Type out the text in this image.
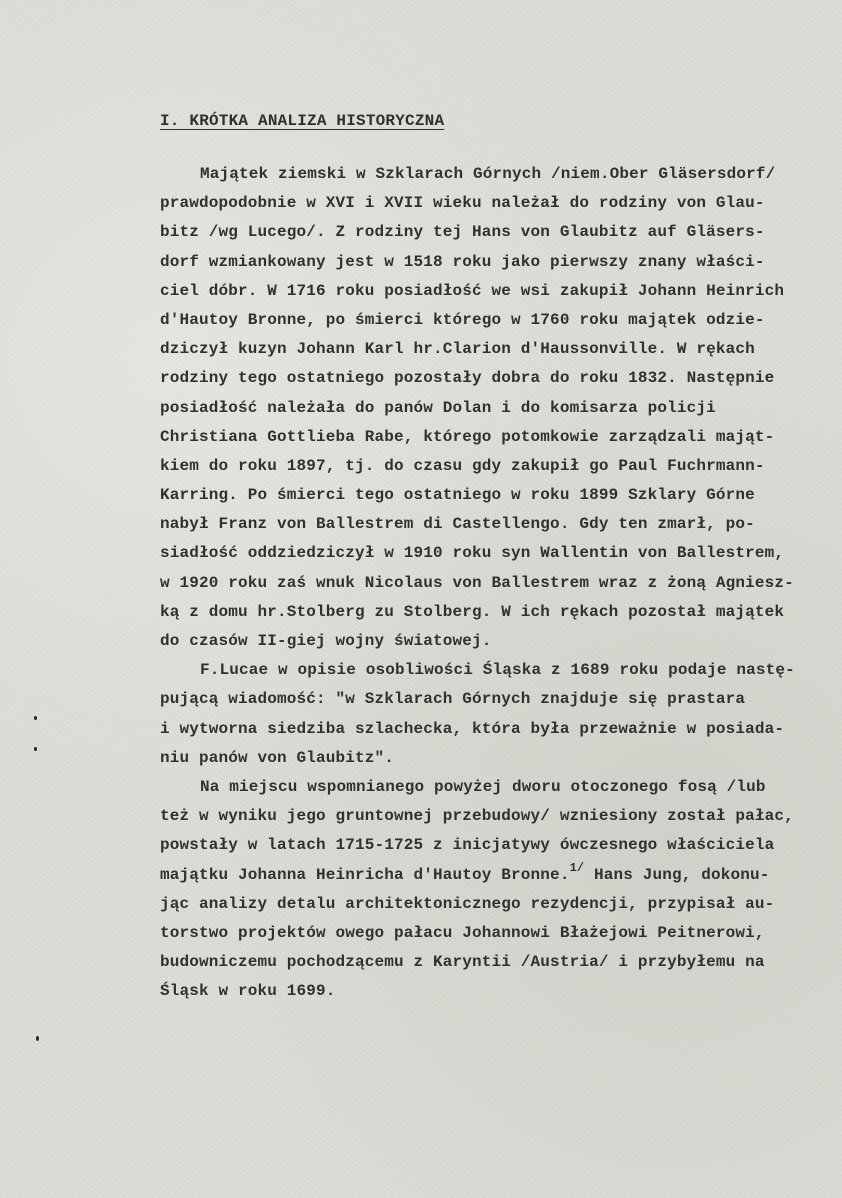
I. KRÓTKA ANALIZA HISTORYCZNA
Majątek ziemski w Szklarach Górnych /niem.Ober Gläsersdorf/
prawdopodobnie w XVI i XVII wieku należał do rodziny von Glau-
bitz /wg Lucego/. Z rodziny tej Hans von Glaubitz auf Gläsers-
dorf wzmiankowany jest w 1518 roku jako pierwszy znany właści-
ciel dóbr. W 1716 roku posiadłość we wsi zakupił Johann Heinrich
d'Hautoy Bronne, po śmierci którego w 1760 roku majątek odzie-
dziczył kuzyn Johann Karl hr.Clarion d'Haussonville. W rękach
rodziny tego ostatniego pozostały dobra do roku 1832. Następnie
posiadłość należała do panów Dolan i do komisarza policji
Christiana Gottlieba Rabe, którego potomkowie zarządzali mająt-
kiem do roku 1897, tj. do czasu gdy zakupił go Paul Fuchrmann-
Karring. Po śmierci tego ostatniego w roku 1899 Szklary Górne
nabył Franz von Ballestrem di Castellengo. Gdy ten zmarł, po-
siadłość oddziedziczył w 1910 roku syn Wallentin von Ballestrem,
w 1920 roku zaś wnuk Nicolaus von Ballestrem wraz z żoną Agniesz-
ką z domu hr.Stolberg zu Stolberg. W ich rękach pozostał majątek
do czasów II-giej wojny światowej.
F.Lucae w opisie osobliwości Śląska z 1689 roku podaje nastę-
pującą wiadomość: "w Szklarach Górnych znajduje się prastara
i wytworna siedziba szlachecka, która była przeważnie w posiada-
niu panów von Glaubitz".
Na miejscu wspomnianego powyżej dworu otoczonego fosą /lub
też w wyniku jego gruntownej przebudowy/ wzniesiony został pałac,
powstały w latach 1715-1725 z inicjatywy ówczesnego właściciela
majątku Johanna Heinricha d'Hautoy Bronne.$^{1/}$ Hans Jung, dokonu-
jąc analizy detalu architektonicznego rezydencji, przypisał au-
torstwo projektów owego pałacu Johannowi Błażejowi Peitnerowi,
budowniczemu pochodzącemu z Karyntii /Austria/ i przybyłemu na
Śląsk w roku 1699.
